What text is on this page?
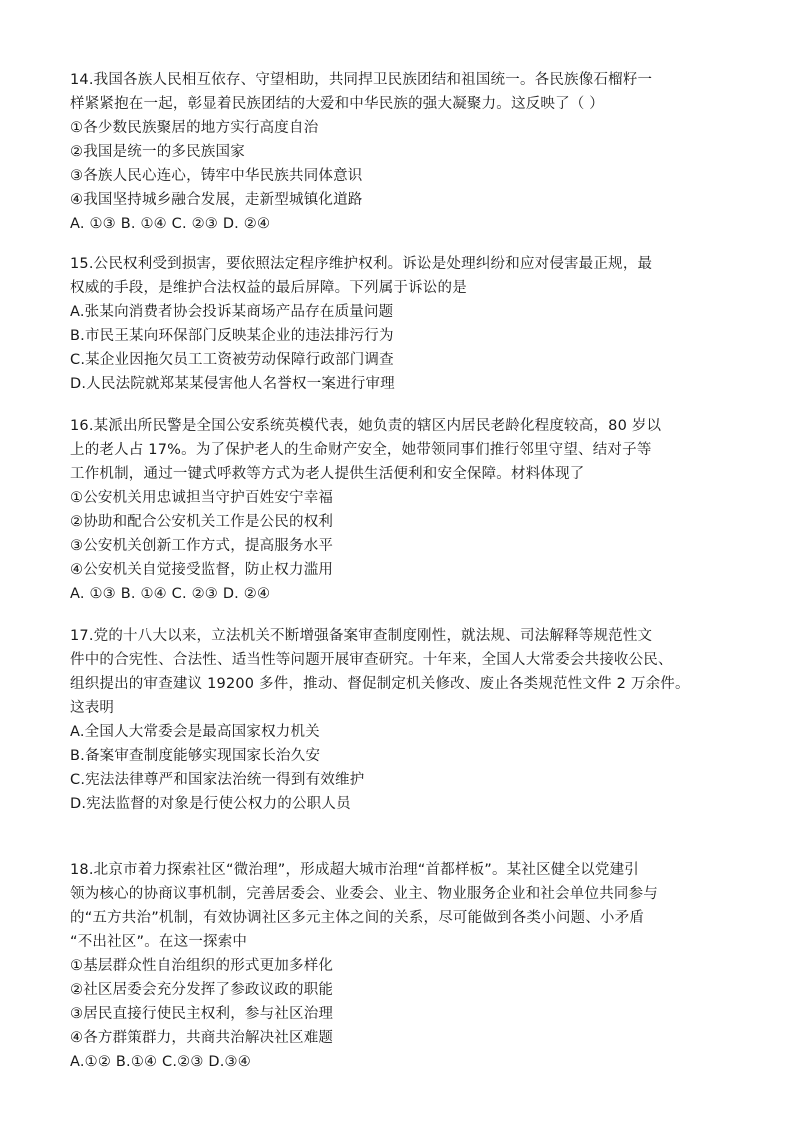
14.我国各族人民相互依存、守望相助，共同捍卫民族团结和祖国统一。各民族像石榴籽一
样紧紧抱在一起，彰显着民族团结的大爱和中华民族的强大凝聚力。这反映了（ ）
①各少数民族聚居的地方实行高度自治
②我国是统一的多民族国家
③各族人民心连心，铸牢中华民族共同体意识
④我国坚持城乡融合发展，走新型城镇化道路
A. ①③ B. ①④ C. ②③ D. ②④
15.公民权利受到损害，要依照法定程序维护权利。诉讼是处理纠纷和应对侵害最正规，最
权威的手段，是维护合法权益的最后屏障。下列属于诉讼的是
A.张某向消费者协会投诉某商场产品存在质量问题
B.市民王某向环保部门反映某企业的违法排污行为
C.某企业因拖欠员工工资被劳动保障行政部门调查
D.人民法院就郑某某侵害他人名誉权一案进行审理
16.某派出所民警是全国公安系统英模代表，她负责的辖区内居民老龄化程度较高，80 岁以
上的老人占 17%。为了保护老人的生命财产安全，她带领同事们推行邻里守望、结对子等
工作机制，通过一键式呼救等方式为老人提供生活便利和安全保障。材料体现了
①公安机关用忠诚担当守护百姓安宁幸福
②协助和配合公安机关工作是公民的权利
③公安机关创新工作方式，提高服务水平
④公安机关自觉接受监督，防止权力滥用
A. ①③ B. ①④ C. ②③ D. ②④
17.党的十八大以来，立法机关不断增强备案审查制度刚性，就法规、司法解释等规范性文
件中的合宪性、合法性、适当性等问题开展审查研究。十年来，全国人大常委会共接收公民、
组织提出的审查建议 19200 多件，推动、督促制定机关修改、废止各类规范性文件 2 万余件。
这表明
A.全国人大常委会是最高国家权力机关
B.备案审查制度能够实现国家长治久安
C.宪法法律尊严和国家法治统一得到有效维护
D.宪法监督的对象是行使公权力的公职人员
18.北京市着力探索社区“微治理”，形成超大城市治理“首都样板”。某社区健全以党建引
领为核心的协商议事机制，完善居委会、业委会、业主、物业服务企业和社会单位共同参与
的“五方共治”机制，有效协调社区多元主体之间的关系，尽可能做到各类小问题、小矛盾
“不出社区”。在这一探索中
①基层群众性自治组织的形式更加多样化
②社区居委会充分发挥了参政议政的职能
③居民直接行使民主权利，参与社区治理
④各方群策群力，共商共治解决社区难题
A.①② B.①④ C.②③ D.③④
